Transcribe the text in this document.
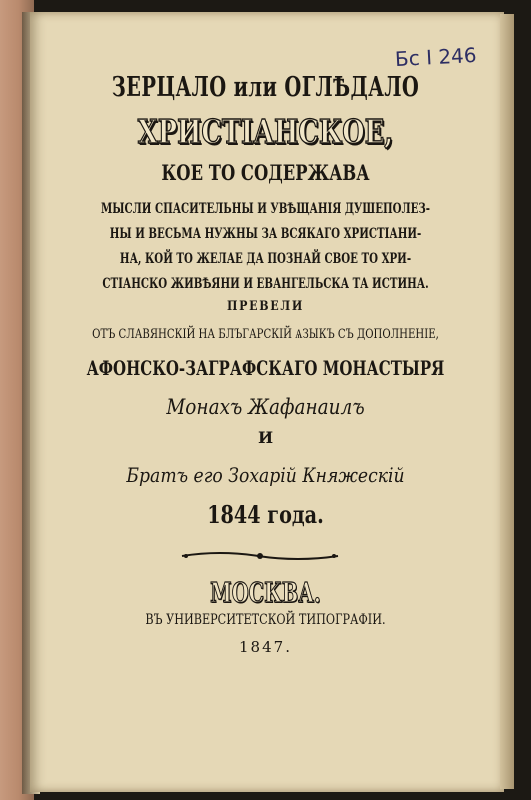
Бс I 246
ЗЕРЦАЛО или ОГЛѢДАЛО
ХРИСТІАНСКОЕ,
КОЕ ТО СОДЕРЖАВА
МЫСЛИ СПАСИТЕЛЬНЫ И УВѢЩАНІЯ ДУШЕПОЛЕЗ-
НЫ И ВЕСЬМА НУЖНЫ ЗА ВСЯКАГО ХРИСТІАНИ-
НА, КОЙ ТО ЖЕЛАЕ ДА ПОЗНАЙ СВОЕ ТО ХРИ-
СТІАНСКО ЖИВѢЯНИ И ЕВАНГЕЛЬСКА ТА ИСТИНА.
ПРЕВЕЛИ
ОТЪ СЛАВЯНСКІЙ НА БЛЪГАРСКІЙ ѦЗЫКЪ СЪ ДОПОЛНЕНІЕ,
АФОНСКО-ЗАГРАФСКАГО МОНАСТЫРЯ
Монахъ Жафанаилъ
И
Братъ его Зохарій Княжескій
1844 года.
МОСКВА.
ВЪ УНИВЕРСИТЕТСКОЙ ТИПОГРАФІИ.
1847.
